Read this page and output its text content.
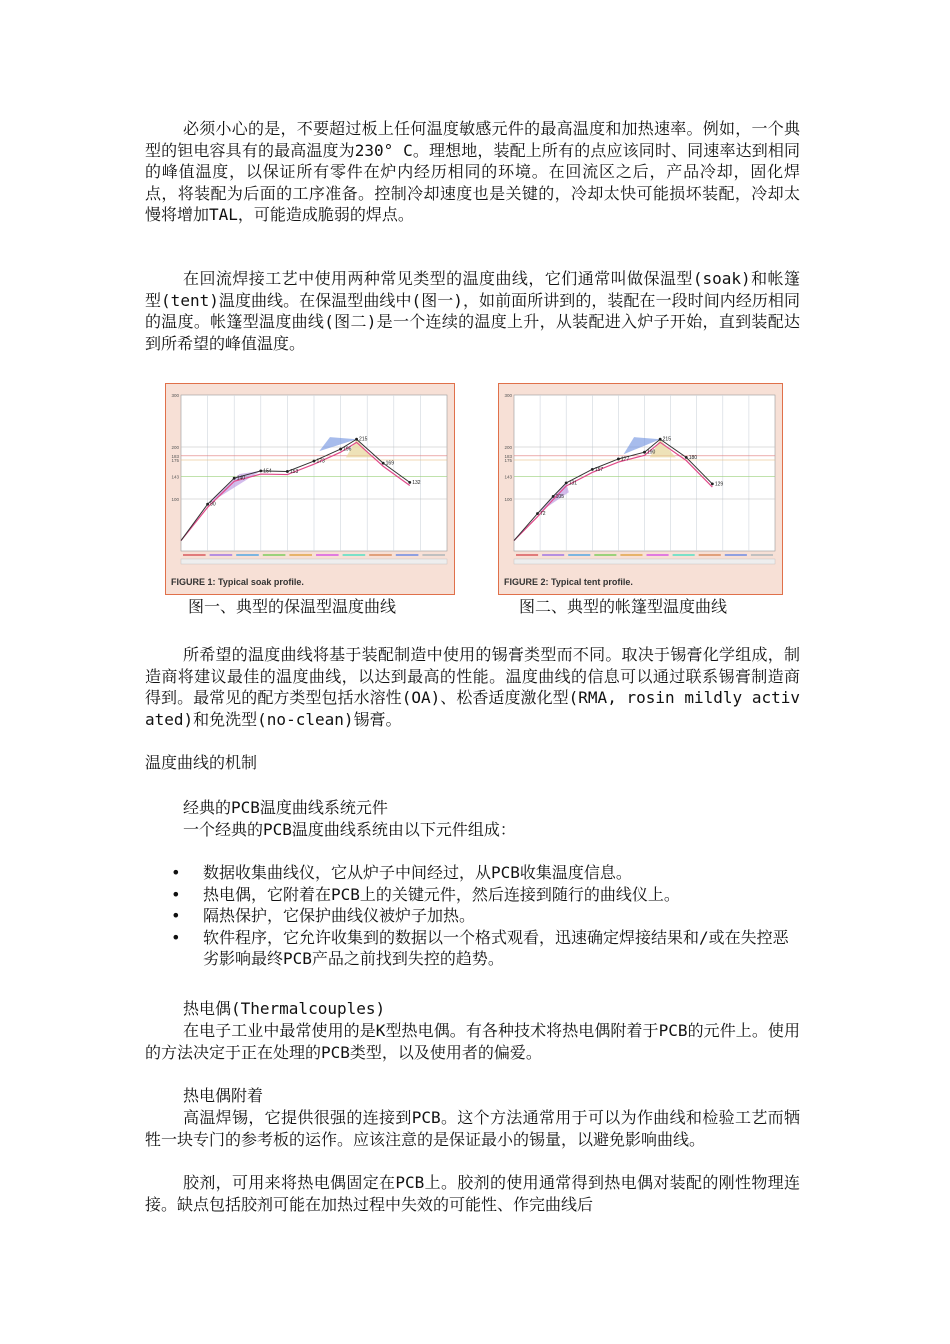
必须小心的是，不要超过板上任何温度敏感元件的最高温度和加热速率。例如，一个典型的钽电容具有的最高温度为230° C。理想地，装配上所有的点应该同时、同速率达到相同的峰值温度，以保证所有零件在炉内经历相同的环境。在回流区之后，产品冷却，固化焊点，将装配为后面的工序准备。控制冷却速度也是关键的，冷却太快可能损坏装配，冷却太慢将增加TAL，可能造成脆弱的焊点。

在回流焊接工艺中使用两种常见类型的温度曲线，它们通常叫做保温型(soak)和帐篷型(tent)温度曲线。在保温型曲线中(图一)，如前面所讲到的，装配在一段时间内经历相同的温度。帐篷型温度曲线(图二)是一个连续的温度上升，从装配进入炉子开始，直到装配达到所希望的峰值温度。

300
200
183
175
143
100
90
140
154	153
173
196
215
169
132
FIGURE 1: Typical soak profile.
图一、典型的保温型温度曲线
300
200
183
175
143
100
72
105
131
157
177
190
215
180
129
FIGURE 2: Typical tent profile.
图二、典型的帐篷型温度曲线

所希望的温度曲线将基于装配制造中使用的锡膏类型而不同。取决于锡膏化学组成，制造商将建议最佳的温度曲线，以达到最高的性能。温度曲线的信息可以通过联系锡膏制造商得到。最常见的配方类型包括水溶性(OA)、松香适度激化型(RMA, rosin mildly activated)和免洗型(no-clean)锡膏。

温度曲线的机制
经典的PCB温度曲线系统元件
一个经典的PCB温度曲线系统由以下元件组成：
• 数据收集曲线仪，它从炉子中间经过，从PCB收集温度信息。
• 热电偶，它附着在PCB上的关键元件，然后连接到随行的曲线仪上。
• 隔热保护，它保护曲线仪被炉子加热。
• 软件程序，它允许收集到的数据以一个格式观看，迅速确定焊接结果和/或在失控恶劣影响最终PCB产品之前找到失控的趋势。
热电偶(Thermalcouples)

在电子工业中最常使用的是K型热电偶。有各种技术将热电偶附着于PCB的元件上。使用的方法决定于正在处理的PCB类型，以及使用者的偏爱。

热电偶附着

高温焊锡，它提供很强的连接到PCB。这个方法通常用于可以为作曲线和检验工艺而牺牲一块专门的参考板的运作。应该注意的是保证最小的锡量，以避免影响曲线。

胶剂，可用来将热电偶固定在PCB上。胶剂的使用通常得到热电偶对装配的刚性物理连接。缺点包括胶剂可能在加热过程中失效的可能性、作完曲线后
